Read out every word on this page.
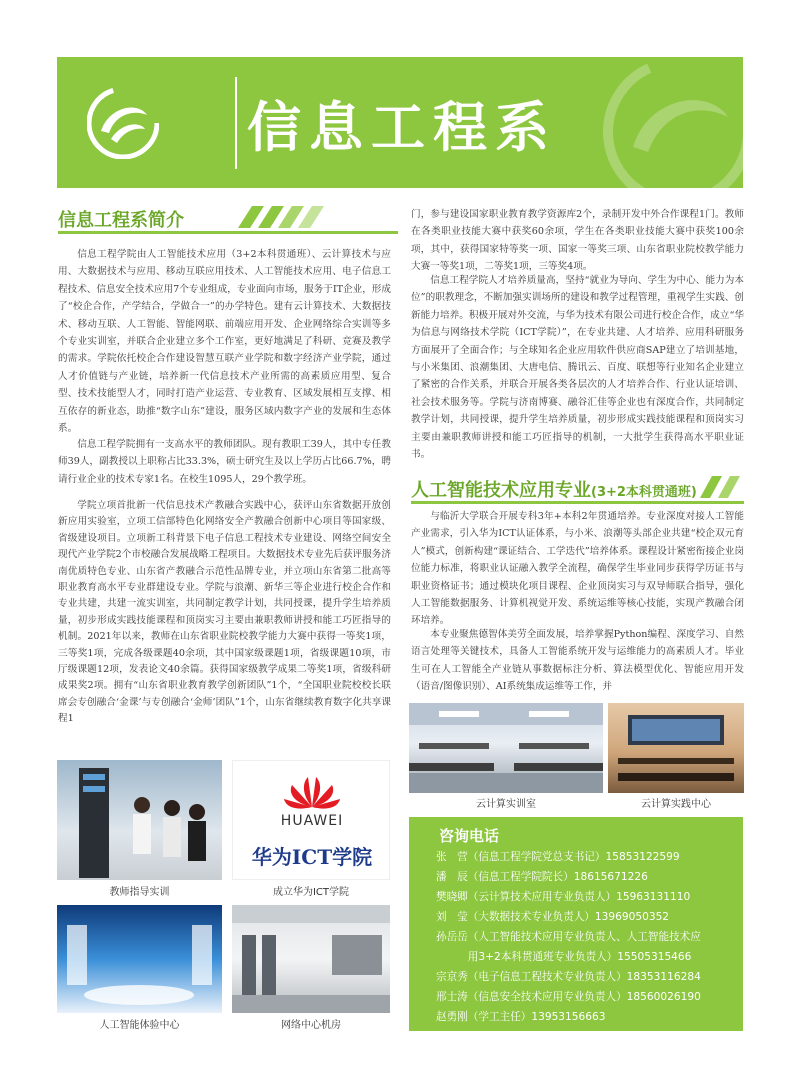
信息工程系
信息工程系简介
信息工程学院由人工智能技术应用（3+2本科贯通班）、云计算技术与应用、大数据技术与应用、移动互联应用技术、人工智能技术应用、电子信息工程技术、信息安全技术应用7个专业组成，专业面向市场，服务于IT企业，形成了“校企合作，产学结合，学做合一”的办学特色。建有云计算技术、大数据技术、移动互联、人工智能、智能网联、前端应用开发、企业网络综合实训等多个专业实训室，并联合企业建立多个工作室，更好地满足了科研、竞赛及教学的需求。学院依托校企合作建设智慧互联产业学院和数字经济产业学院，通过人才价值链与产业链，培养新一代信息技术产业所需的高素质应用型、复合型、技术技能型人才，同时打造产业运营、专业教育、区域发展相互支撑、相互依存的新业态，助推“数字山东”建设，服务区域内数字产业的发展和生态体系。
信息工程学院拥有一支高水平的教师团队。现有教职工39人，其中专任教师39人，副教授以上职称占比33.3%，硕士研究生及以上学历占比66.7%，聘请行业企业的技术专家1名。在校生1095人，29个教学班。
学院立项首批新一代信息技术产教融合实践中心，获评山东省数据开放创新应用实验室，立项工信部特色化网络安全产教融合创新中心项目等国家级、省级建设项目。立项新工科背景下电子信息工程技术专业建设、网络空间安全现代产业学院2个市校融合发展战略工程项目。大数据技术专业先后获评服务济南优质特色专业、山东省产教融合示范性品牌专业，并立项山东省第二批高等职业教育高水平专业群建设专业。学院与浪潮、新华三等企业进行校企合作和专业共建，共建一流实训室，共同制定教学计划，共同授课，提升学生培养质量，初步形成实践技能课程和顶岗实习主要由兼职教师讲授和能工巧匠指导的机制。2021年以来，教师在山东省职业院校教学能力大赛中获得一等奖1项，三等奖1项，完成各级课题40余项，其中国家级课题1项，省级课题10项，市厅级课题12项，发表论文40余篇。获得国家级教学成果二等奖1项，省级科研成果奖2项。拥有“山东省职业教育教学创新团队”1个，“全国职业院校校长联席会专创融合‘金课’与专创融合‘金师’团队”1个，山东省继续教育数字化共享课程1
门，参与建设国家职业教育教学资源库2个，录制开发中外合作课程1门。教师在各类职业技能大赛中获奖60余项，学生在各类职业技能大赛中获奖100余项，其中，获得国家特等奖一项、国家一等奖三项、山东省职业院校教学能力大赛一等奖1项，二等奖1项，三等奖4项。
信息工程学院人才培养质量高，坚持“就业为导向、学生为中心、能力为本位”的职教理念，不断加强实训场所的建设和教学过程管理，重视学生实践、创新能力培养。积极开展对外交流，与华为技术有限公司进行校企合作，成立“华为信息与网络技术学院（ICT学院）”，在专业共建、人才培养、应用科研服务方面展开了全面合作；与全球知名企业应用软件供应商SAP建立了培训基地，与小米集团、浪潮集团、大唐电信、腾讯云、百度、联想等行业知名企业建立了紧密的合作关系，并联合开展各类各层次的人才培养合作、行业认证培训、社会技术服务等。学院与济南博赛、融谷汇佳等企业也有深度合作，共同制定教学计划，共同授课，提升学生培养质量，初步形成实践技能课程和顶岗实习主要由兼职教师讲授和能工巧匠指导的机制，一大批学生获得高水平职业证书。
人工智能技术应用专业(3+2本科贯通班)
与临沂大学联合开展专科3年+本科2年贯通培养。专业深度对接人工智能产业需求，引入华为ICT认证体系，与小米、浪潮等头部企业共建“校企双元育人”模式，创新构建“课证结合、工学迭代”培养体系。课程设计紧密衔接企业岗位能力标准，将职业认证融入教学全流程，确保学生毕业同步获得学历证书与职业资格证书；通过模块化项目课程、企业顶岗实习与双导师联合指导，强化人工智能数据服务、计算机视觉开发、系统运维等核心技能，实现产教融合闭环培养。
本专业聚焦德智体美劳全面发展，培养掌握Python编程、深度学习、自然语言处理等关键技术，具备人工智能系统开发与运维能力的高素质人才。毕业生可在人工智能全产业链从事数据标注分析、算法模型优化、智能应用开发（语音/图像识别）、AI系统集成运维等工作，并
云计算实训室	云计算实践中心
教师指导实训
HUAWEI
华为ICT学院
成立华为ICT学院
人工智能体验中心	网络中心机房
咨询电话
张　营（信息工程学院党总支书记）15853122599
潘　辰（信息工程学院院长）18615671226
樊晓卿（云计算技术应用专业负责人）15963131110
刘　莹（大数据技术专业负责人）13969050352
孙岳岳（人工智能技术应用专业负责人、人工智能技术应
　　　用3+2本科贯通班专业负责人）15505315466
宗京秀（电子信息工程技术专业负责人）18353116284
邢士涛（信息安全技术应用专业负责人）18560026190
赵勇刚（学工主任）13953156663
